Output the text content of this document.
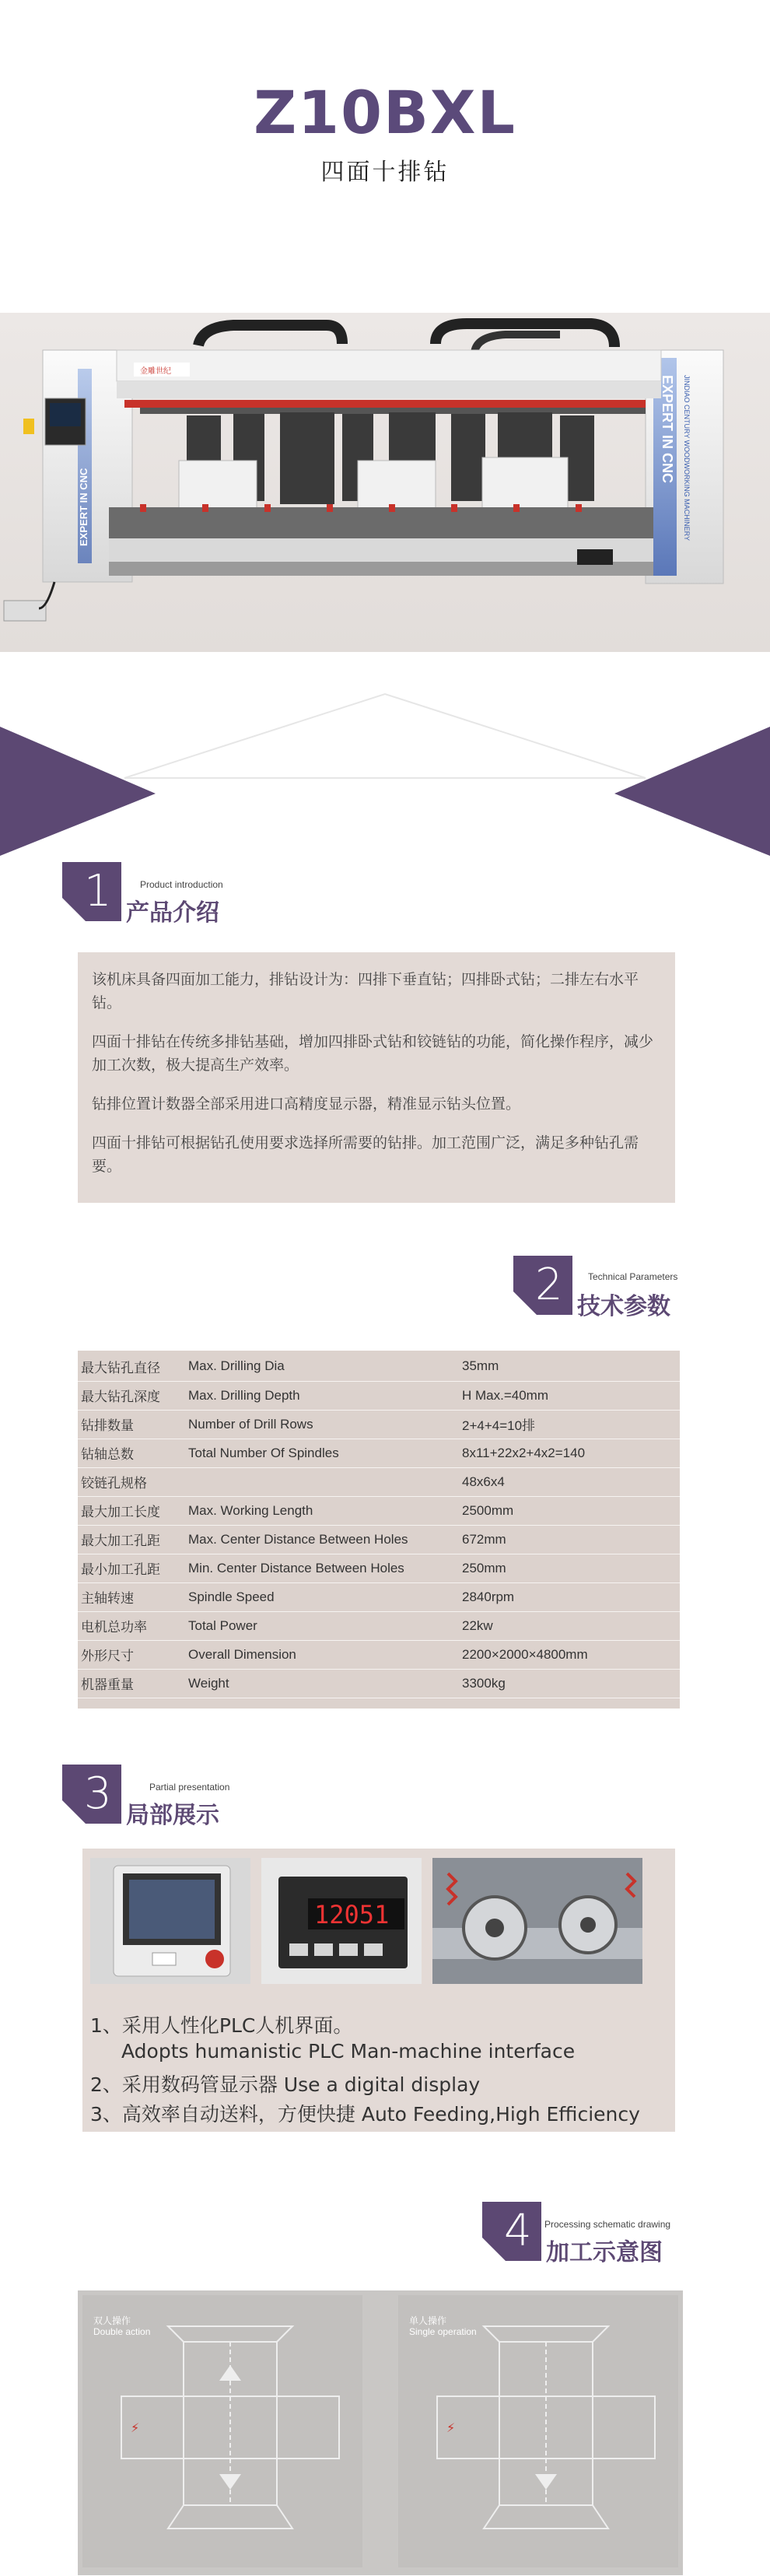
Z10BXL
四面十排钻
金雕世纪
EXPERT IN CNC
EXPERT IN CNC JINDIAO CENTURY WOODWORKING MACHINERY
1	Product introduction
产品介绍

该机床具备四面加工能力，排钻设计为：四排下垂直钻；四排卧式钻；二排左右水平钻。

四面十排钻在传统多排钻基础，增加四排卧式钻和铰链钻的功能，简化操作程序，减少加工次数，极大提高生产效率。

钻排位置计数器全部采用进口高精度显示器，精准显示钻头位置。

四面十排钻可根据钻孔使用要求选择所需要的钻排。加工范围广泛，满足多种钻孔需要。

2	Technical Parameters
技术参数
最大钻孔直径	Max. Drilling Dia	35mm
最大钻孔深度	Max. Drilling Depth	H Max.=40mm
钻排数量	Number of Drill Rows	2+4+4=10排
钻轴总数	Total Number Of Spindles	8x11+22x2+4x2=140
铰链孔规格		48x6x4
最大加工长度	Max. Working Length	2500mm
最大加工孔距	Max. Center Distance Between Holes	672mm
最小加工孔距	Min. Center Distance Between Holes	250mm
主轴转速	Spindle Speed	2840rpm
电机总功率	Total Power	22kw
外形尺寸	Overall Dimension	2200×2000×4800mm
机器重量	Weight	3300kg
3	Partial presentation
局部展示
12051
1、采用人性化PLC人机界面。
Adopts humanistic PLC Man-machine interface
2、采用数码管显示器 Use a digital display
3、高效率自动送料，方便快捷 Auto Feeding,High Efficiency
4	Processing schematic drawing
加工示意图
双人操作
Double action
⚡
单人操作
Single operation
⚡
